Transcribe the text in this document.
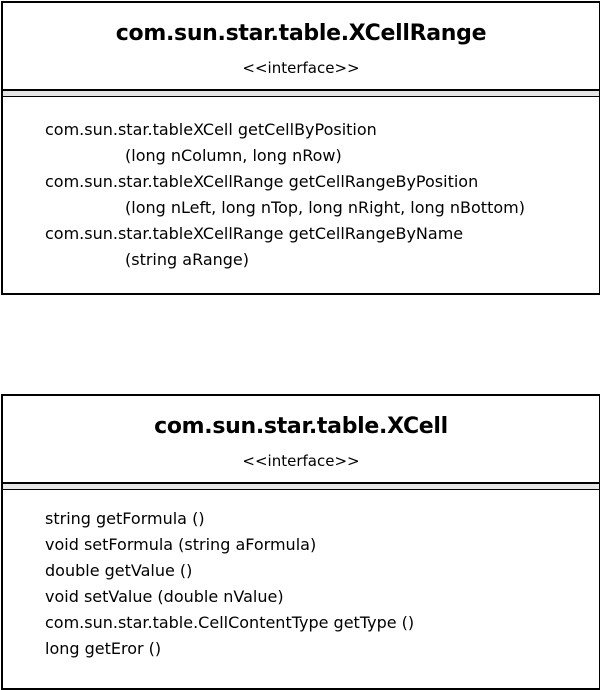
com.sun.star.table.XCellRange
<<interface>>
com.sun.star.tableXCell getCellByPosition
(long nColumn, long nRow)
com.sun.star.tableXCellRange getCellRangeByPosition
(long nLeft, long nTop, long nRight, long nBottom)
com.sun.star.tableXCellRange getCellRangeByName
(string aRange)
com.sun.star.table.XCell
<<interface>>
string getFormula ()
void setFormula (string aFormula)
double getValue ()
void setValue (double nValue)
com.sun.star.table.CellContentType getType ()
long getEror ()
